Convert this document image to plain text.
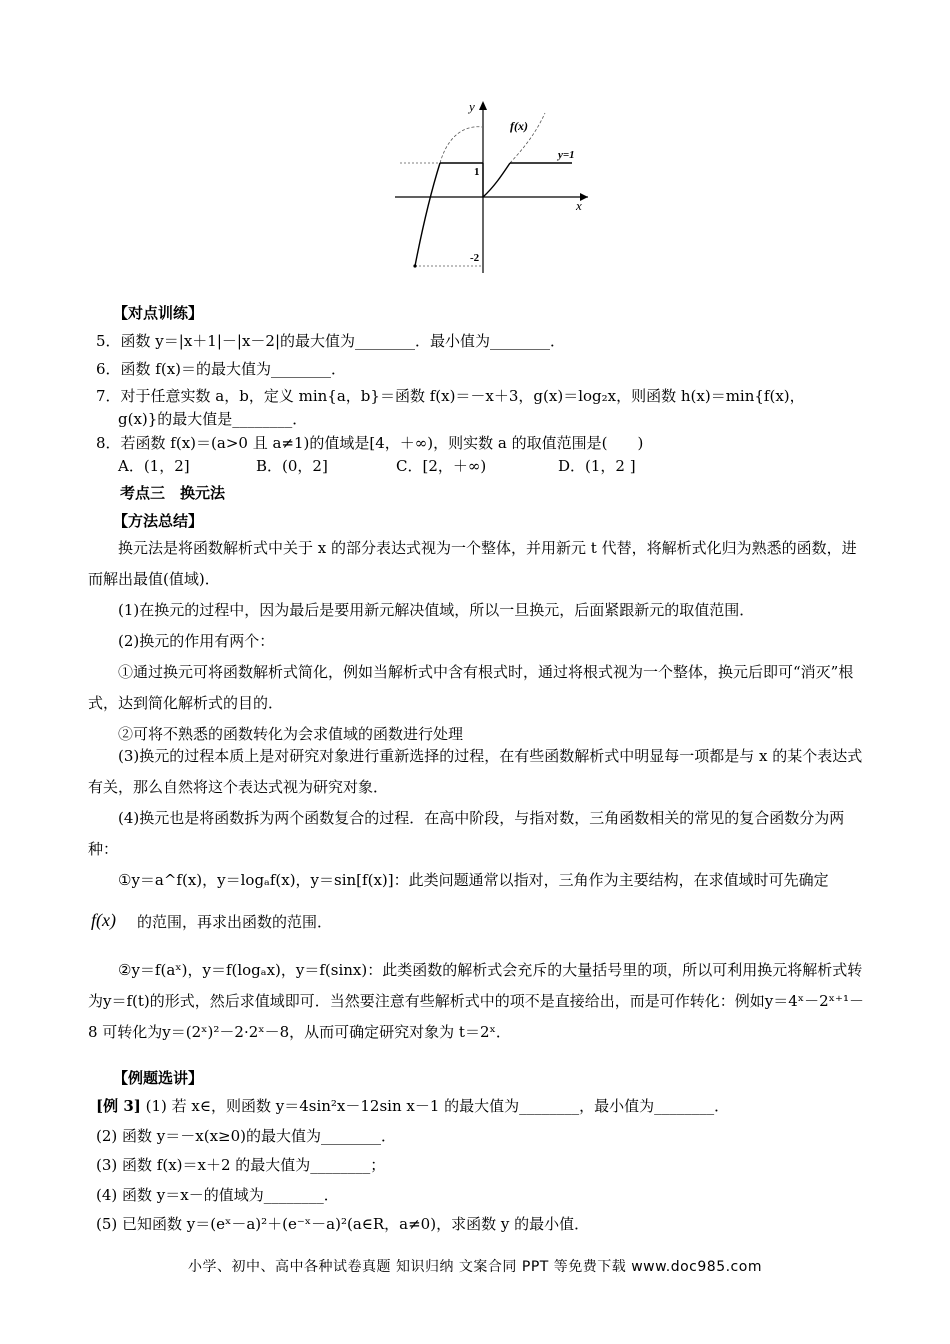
y
x
f(x)
y=1
1
-2
【对点训练】
5．函数 y＝|x＋1|－|x－2|的最大值为________．最小值为________．
6．函数 f(x)＝的最大值为________．
7．对于任意实数 a，b，定义 min{a，b}＝函数 f(x)＝－x＋3，g(x)＝log₂x，则函数 h(x)＝min{f(x)，
g(x)}的最大值是________．
8．若函数 f(x)＝(a>0 且 a≠1)的值域是[4，＋∞)，则实数 a 的取值范围是(　　)
A．(1，2]	B．(0，2]	C．[2，＋∞)	D．(1，2 ]
考点三　换元法
【方法总结】
换元法是将函数解析式中关于 x 的部分表达式视为一个整体，并用新元 t 代替，将解析式化归为熟悉的函数，进而解出最值(值域)．
(1)在换元的过程中，因为最后是要用新元解决值域，所以一旦换元，后面紧跟新元的取值范围．
(2)换元的作用有两个：
①通过换元可将函数解析式简化，例如当解析式中含有根式时，通过将根式视为一个整体，换元后即可“消灭”根式，达到简化解析式的目的．
②可将不熟悉的函数转化为会求值域的函数进行处理
(3)换元的过程本质上是对研究对象进行重新选择的过程，在有些函数解析式中明显每一项都是与 x 的某个表达式有关，那么自然将这个表达式视为研究对象．
(4)换元也是将函数拆为两个函数复合的过程．在高中阶段，与指对数，三角函数相关的常见的复合函数分为两种：
①y＝a^f(x)，y＝logₐf(x)，y＝sin[f(x)]：此类问题通常以指对，三角作为主要结构，在求值域时可先确定
f(x) 的范围，再求出函数的范围．
②y＝f(aˣ)，y＝f(logₐx)，y＝f(sinx)：此类函数的解析式会充斥的大量括号里的项，所以可利用换元将解析式转为y＝f(t)的形式，然后求值域即可．当然要注意有些解析式中的项不是直接给出，而是可作转化：例如y＝4ˣ－2ˣ⁺¹－8 可转化为y＝(2ˣ)²－2·2ˣ－8，从而可确定研究对象为 t＝2ˣ．
【例题选讲】
[例 3] (1) 若 x∈，则函数 y＝4sin²x－12sin x－1 的最大值为________，最小值为________．
(2) 函数 y＝－x(x≥0)的最大值为________．
(3) 函数 f(x)＝x＋2 的最大值为________；
(4) 函数 y＝x－的值域为________．
(5) 已知函数 y＝(eˣ－a)²＋(e⁻ˣ－a)²(a∈R，a≠0)，求函数 y 的最小值．
小学、初中、高中各种试卷真题 知识归纳 文案合同 PPT 等免费下载 www.doc985.com
